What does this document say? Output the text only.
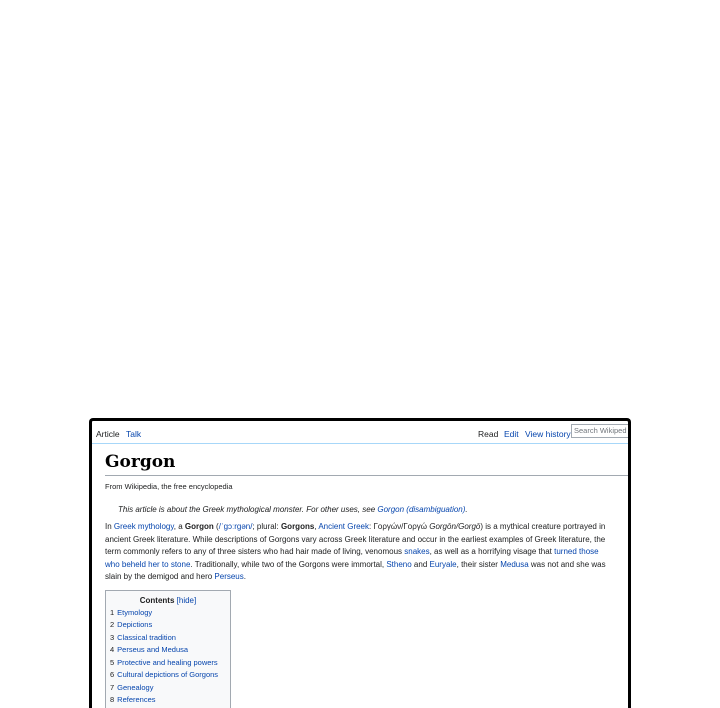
Article Talk	Read Edit View history Search Wikiped
Gorgon
From Wikipedia, the free encyclopedia
This article is about the Greek mythological monster. For other uses, see Gorgon (disambiguation).
In Greek mythology, a Gorgon (/ˈɡɔːrɡən/; plural: Gorgons, Ancient Greek: Γοργών/Γοργώ Gorgōn/Gorgō) is a mythical creature portrayed in ancient Greek literature. While descriptions of Gorgons vary across Greek literature and occur in the earliest examples of Greek literature, the term commonly refers to any of three sisters who had hair made of living, venomous snakes, as well as a horrifying visage that turned those who beheld her to stone. Traditionally, while two of the Gorgons were immortal, Stheno and Euryale, their sister Medusa was not and she was slain by the demigod and hero Perseus.
Contents [hide]
1 Etymology
2 Depictions
3 Classical tradition
4 Perseus and Medusa
5 Protective and healing powers
6 Cultural depictions of Gorgons
7 Genealogy
8 References
